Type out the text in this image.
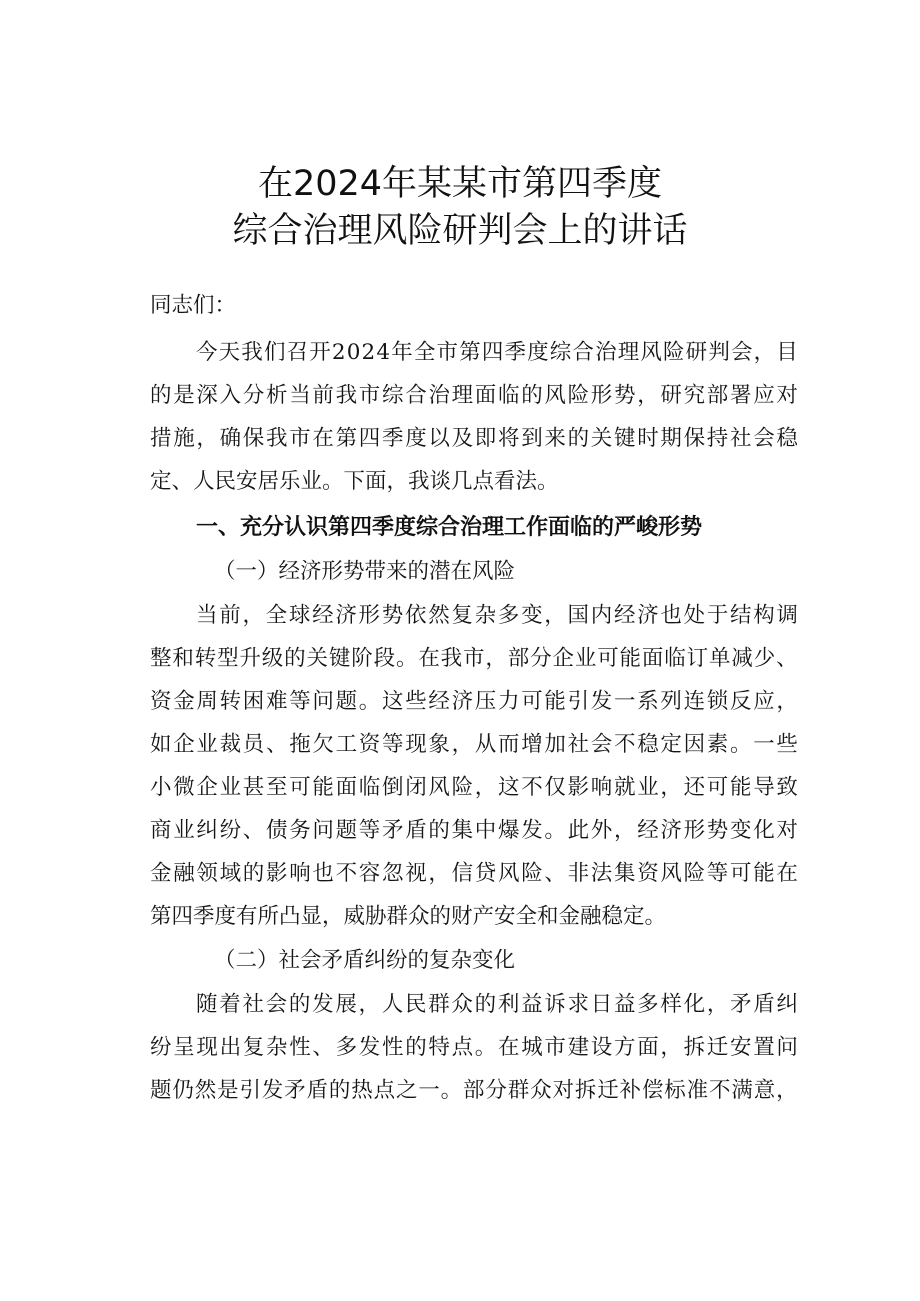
在2024年某某市第四季度
综合治理风险研判会上的讲话
同志们：
今天我们召开2024年全市第四季度综合治理风险研判会，目
的是深入分析当前我市综合治理面临的风险形势，研究部署应对
措施，确保我市在第四季度以及即将到来的关键时期保持社会稳
定、人民安居乐业。下面，我谈几点看法。
一、充分认识第四季度综合治理工作面临的严峻形势
（一）经济形势带来的潜在风险
当前，全球经济形势依然复杂多变，国内经济也处于结构调
整和转型升级的关键阶段。在我市，部分企业可能面临订单减少、
资金周转困难等问题。这些经济压力可能引发一系列连锁反应，
如企业裁员、拖欠工资等现象，从而增加社会不稳定因素。一些
小微企业甚至可能面临倒闭风险，这不仅影响就业，还可能导致
商业纠纷、债务问题等矛盾的集中爆发。此外，经济形势变化对
金融领域的影响也不容忽视，信贷风险、非法集资风险等可能在
第四季度有所凸显，威胁群众的财产安全和金融稳定。
（二）社会矛盾纠纷的复杂变化
随着社会的发展，人民群众的利益诉求日益多样化，矛盾纠
纷呈现出复杂性、多发性的特点。在城市建设方面，拆迁安置问
题仍然是引发矛盾的热点之一。部分群众对拆迁补偿标准不满意，
